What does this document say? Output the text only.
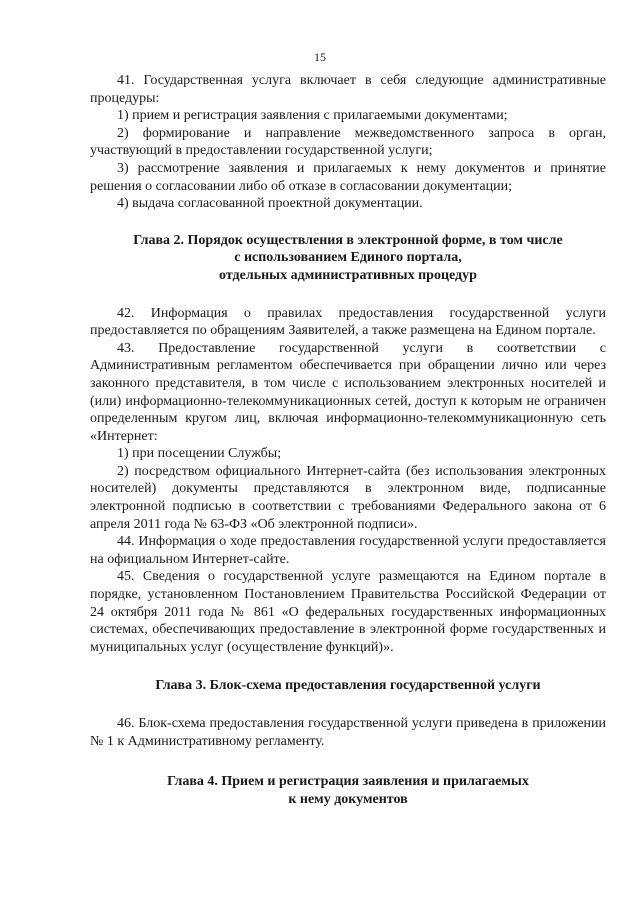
15

41. Государственная услуга включает в себя следующие административные процедуры:

1) прием и регистрация заявления с прилагаемыми документами;

2) формирование и направление межведомственного запроса в орган, участвующий в предоставлении государственной услуги;

3) рассмотрение заявления и прилагаемых к нему документов и принятие решения о согласовании либо об отказе в согласовании документации;

4) выдача согласованной проектной документации.

Глава 2. Порядок осуществления в электронной форме, в том числе
с использованием Единого портала,
отдельных административных процедур

42. Информация о правилах предоставления государственной услуги предоставляется по обращениям Заявителей, а также размещена на Едином портале.

43. Предоставление государственной услуги в соответствии с Административным регламентом обеспечивается при обращении лично или через законного представителя, в том числе с использованием электронных носителей и (или) информационно-телекоммуникационных сетей, доступ к которым не ограничен определенным кругом лиц, включая информационно-телекоммуникационную сеть «Интернет:

1) при посещении Службы;

2) посредством официального Интернет-сайта (без использования электронных носителей) документы представляются в электронном виде, подписанные электронной подписью в соответствии с требованиями Федерального закона от 6 апреля 2011 года № 63-ФЗ «Об электронной подписи».

44. Информация о ходе предоставления государственной услуги предоставляется на официальном Интернет-сайте.

45. Сведения о государственной услуге размещаются на Едином портале в порядке, установленном Постановлением Правительства Российской Федерации от 24 октября 2011 года № 861 «О федеральных государственных информационных системах, обеспечивающих предоставление в электронной форме государственных и муниципальных услуг (осуществление функций)».

Глава 3. Блок-схема предоставления государственной услуги

46. Блок-схема предоставления государственной услуги приведена в приложении № 1 к Административному регламенту.

Глава 4. Прием и регистрация заявления и прилагаемых
к нему документов
